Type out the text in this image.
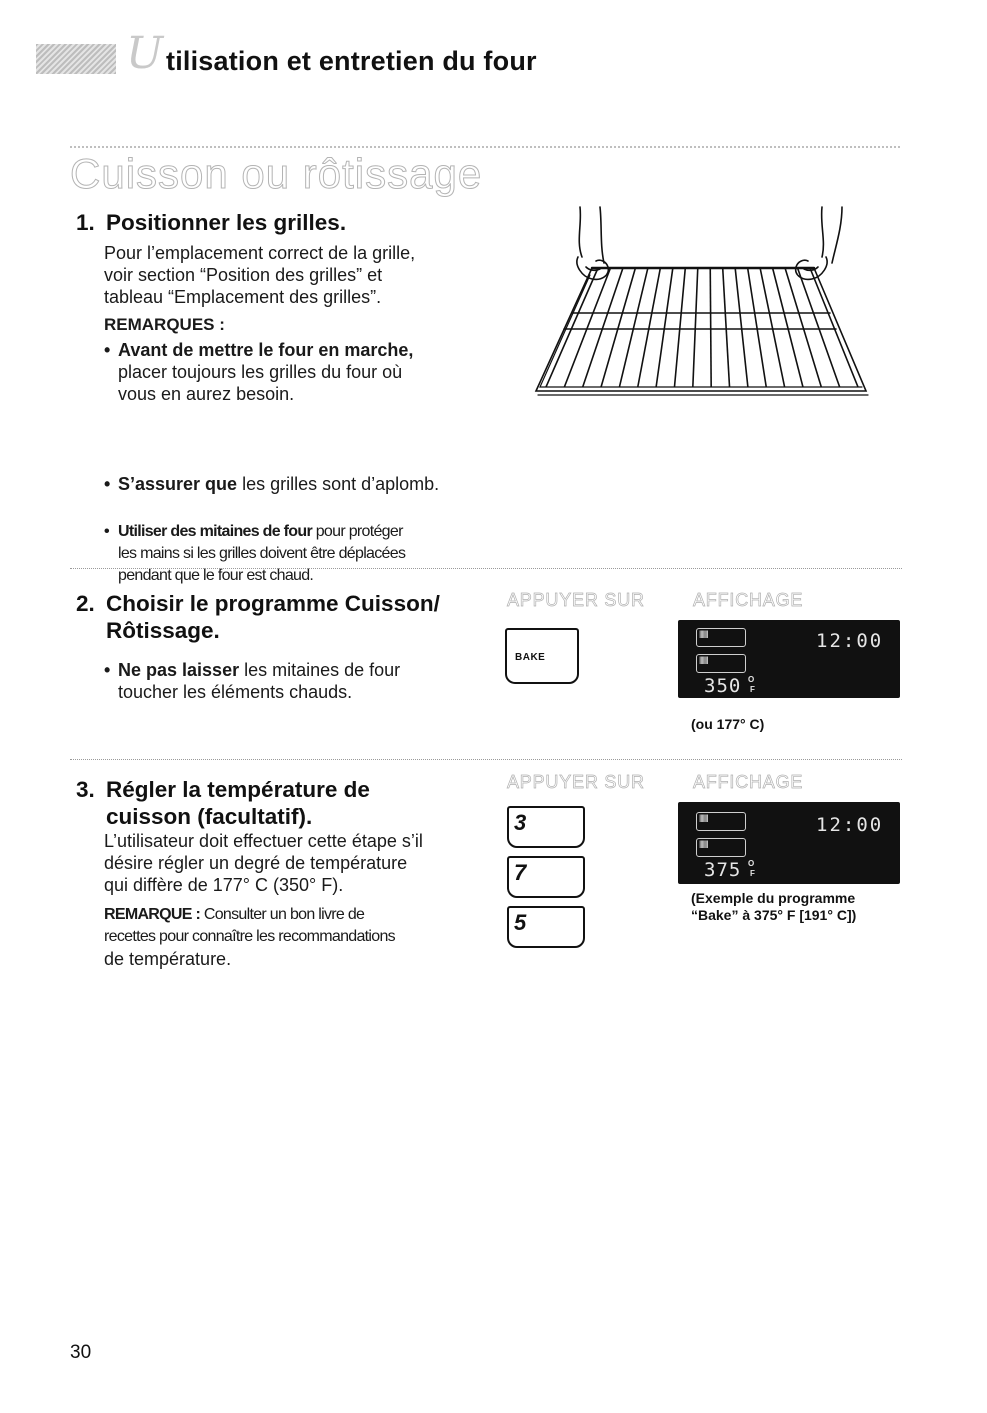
U tilisation et entretien du four
Cuisson ou rôtissage
1. Positionner les grilles.
Pour l’emplacement correct de la grille,
voir section “Position des grilles” et
tableau “Emplacement des grilles”.
REMARQUES :
• Avant de mettre le four en marche,
placer toujours les grilles du four où
vous en aurez besoin.
• S’assurer que les grilles sont d’aplomb.
• Utiliser des mitaines de four pour protéger
les mains si les grilles doivent être déplacées
pendant que le four est chaud.
• Ne pas laisser les mitaines de four
toucher les éléments chauds.
2. Choisir le programme Cuisson/
Rôtissage.
APPUYER SUR	AFFICHAGE
BAKE
lllllll
lllllll
12:00
350 O
F
(ou 177° C)
3. Régler la température de
cuisson (facultatif).
L’utilisateur doit effectuer cette étape s’il
désire régler un degré de température
qui diffère de 177° C (350° F).
REMARQUE : Consulter un bon livre de
recettes pour connaître les recommandations
de température.
APPUYER SUR	AFFICHAGE
3
7
5
lllllll
lllllll
12:00
375 O
F
(Exemple du programme
“Bake” à 375° F [191° C])
30
